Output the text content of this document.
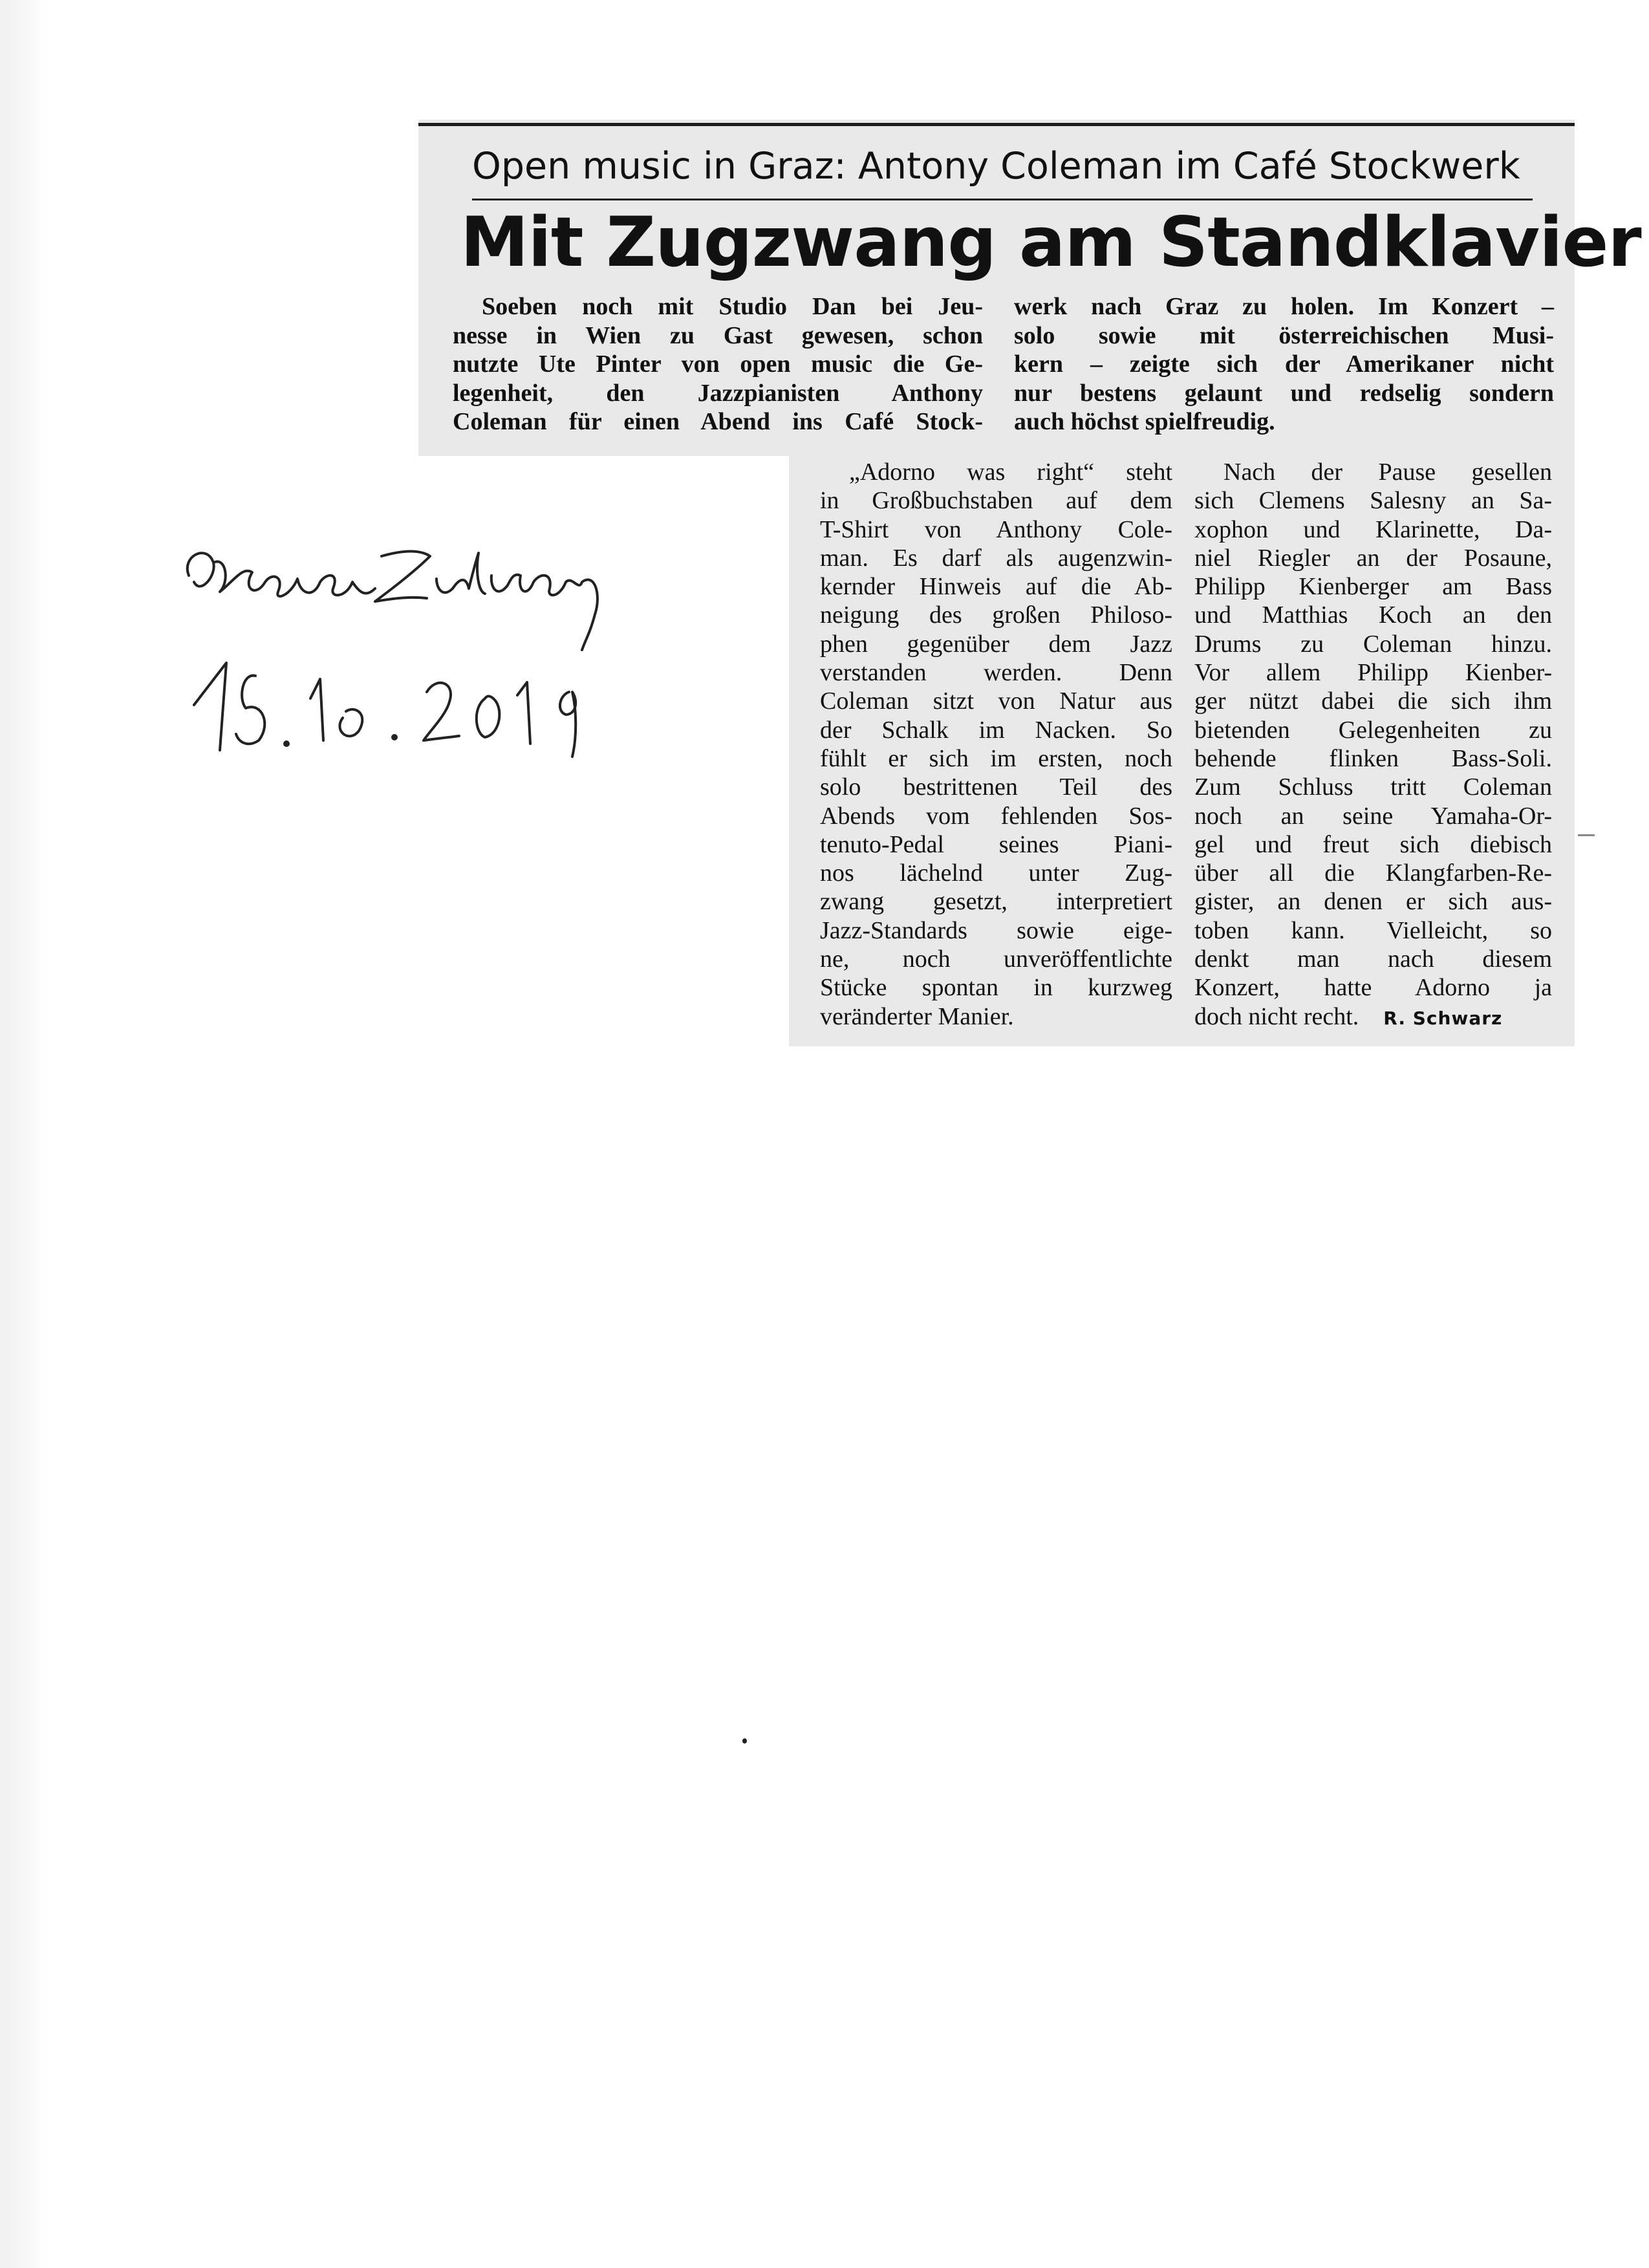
Open music in Graz: Antony Coleman im Café Stockwerk

Mit Zugzwang am Standklavier

Soeben noch mit Studio Dan bei Jeu-
nesse in Wien zu Gast gewesen, schon
nutzte Ute Pinter von open music die Ge-
legenheit, den Jazzpianisten Anthony
Coleman für einen Abend ins Café Stock-

werk nach Graz zu holen. Im Konzert –
solo sowie mit österreichischen Musi-
kern – zeigte sich der Amerikaner nicht
nur bestens gelaunt und redselig sondern
auch höchst spielfreudig.

„Adorno was right“ steht
in Großbuchstaben auf dem
T-Shirt von Anthony Cole-
man. Es darf als augenzwin-
kernder Hinweis auf die Ab-
neigung des großen Philoso-
phen gegenüber dem Jazz
verstanden werden. Denn
Coleman sitzt von Natur aus
der Schalk im Nacken. So
fühlt er sich im ersten, noch
solo bestrittenen Teil des
Abends vom fehlenden Sos-
tenuto-Pedal seines Piani-
nos lächelnd unter Zug-
zwang gesetzt, interpretiert
Jazz-Standards sowie eige-
ne, noch unveröffentlichte
Stücke spontan in kurzweg
veränderter Manier.

Nach der Pause gesellen
sich Clemens Salesny an Sa-
xophon und Klarinette, Da-
niel Riegler an der Posaune,
Philipp Kienberger am Bass
und Matthias Koch an den
Drums zu Coleman hinzu.
Vor allem Philipp Kienber-
ger nützt dabei die sich ihm
bietenden Gelegenheiten zu
behende flinken Bass-Soli.
Zum Schluss tritt Coleman
noch an seine Yamaha-Or-
gel und freut sich diebisch
über all die Klangfarben-Re-
gister, an denen er sich aus-
toben kann. Vielleicht, so
denkt man nach diesem
Konzert, hatte Adorno ja
doch nicht recht. R. Schwarz
